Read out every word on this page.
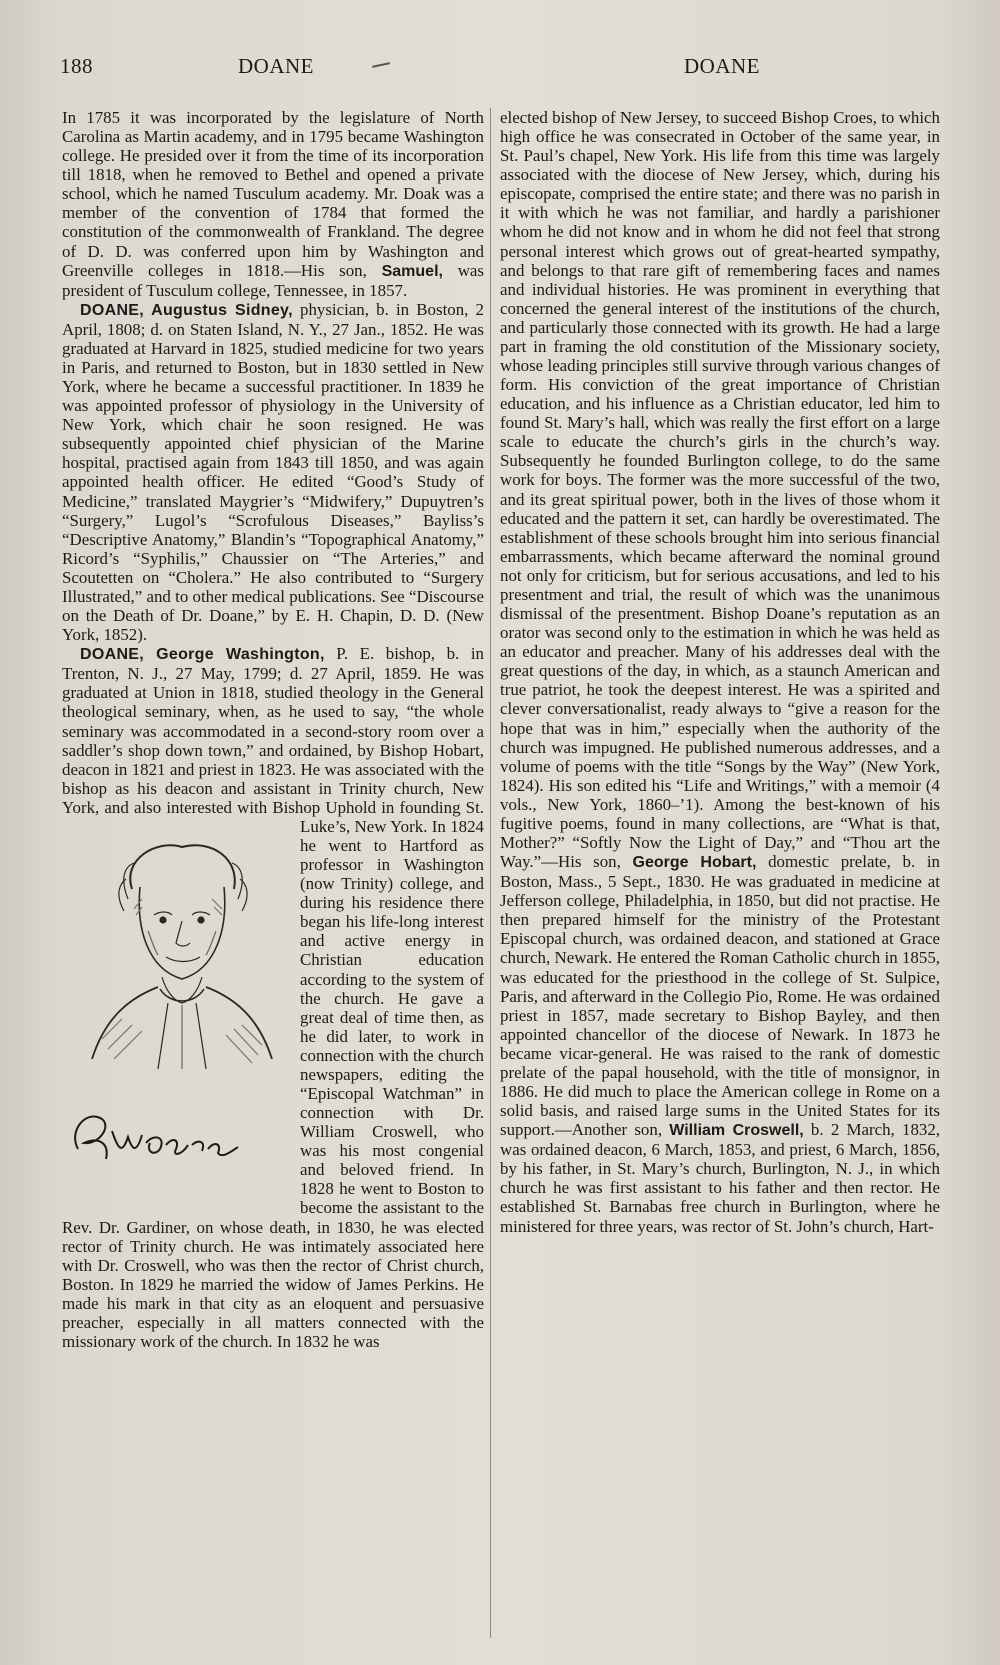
188	DOANE	DOANE

In 1785 it was incorporated by the legislature of North Carolina as Martin academy, and in 1795 became Washington college. He presided over it from the time of its incorporation till 1818, when he removed to Bethel and opened a private school, which he named Tusculum academy. Mr. Doak was a member of the convention of 1784 that formed the constitution of the commonwealth of Frankland. The degree of D. D. was conferred upon him by Washington and Greenville colleges in 1818.—His son, Samuel, was president of Tusculum college, Tennessee, in 1857.

DOANE, Augustus Sidney, physician, b. in Boston, 2 April, 1808; d. on Staten Island, N. Y., 27 Jan., 1852. He was graduated at Harvard in 1825, studied medicine for two years in Paris, and returned to Boston, but in 1830 settled in New York, where he became a successful practitioner. In 1839 he was appointed professor of physiology in the University of New York, which chair he soon resigned. He was subsequently appointed chief physician of the Marine hospital, practised again from 1843 till 1850, and was again appointed health officer. He edited “Good’s Study of Medicine,” translated Maygrier’s “Midwifery,” Dupuytren’s “Surgery,” Lugol’s “Scrofulous Diseases,” Bayliss’s “Descriptive Anatomy,” Blandin’s “Topographical Anatomy,” Ricord’s “Syphilis,” Chaussier on “The Arteries,” and Scoutetten on “Cholera.” He also contributed to “Surgery Illustrated,” and to other medical publications. See “Discourse on the Death of Dr. Doane,” by E. H. Chapin, D. D. (New York, 1852).

DOANE, George Washington, P. E. bishop, b. in Trenton, N. J., 27 May, 1799; d. 27 April, 1859. He was graduated at Union in 1818, studied theology in the General theological seminary, when, as he used to say, “the whole seminary was accommodated in a second-story room over a saddler’s shop down town,” and ordained, by Bishop Hobart, deacon in 1821 and priest in 1823. He was associated with the bishop as his deacon and assistant in Trinity church, New York, and also interested with Bishop Uphold in founding St. Luke’s,
New York. In 1824 he went to Hartford as professor in Washington (now Trinity) college, and during his residence there began his life-long interest and active energy in Christian education according to the system of the church. He gave a great deal of time then, as he did later, to work in connection with the church newspapers, editing the “Episcopal Watchman” in connection with Dr. William Croswell, who was his most congenial and beloved friend. In 1828 he went to Boston to become the assistant to the Rev. Dr. Gardiner, on whose death, in 1830, he was elected rector of Trinity church. He was intimately associated here with Dr. Croswell, who was then the rector of Christ church, Boston. In 1829 he married the widow of James Perkins. He made his mark in that city as an eloquent and persuasive preacher, especially in all matters connected with the missionary work of the church. In 1832 he was

elected bishop of New Jersey, to succeed Bishop Croes, to which high office he was consecrated in October of the same year, in St. Paul’s chapel, New York. His life from this time was largely associated with the diocese of New Jersey, which, during his episcopate, comprised the entire state; and there was no parish in it with which he was not familiar, and hardly a parishioner whom he did not know and in whom he did not feel that strong personal interest which grows out of great-hearted sympathy, and belongs to that rare gift of remembering faces and names and individual histories. He was prominent in everything that concerned the general interest of the institutions of the church, and particularly those connected with its growth. He had a large part in framing the old constitution of the Missionary society, whose leading principles still survive through various changes of form. His conviction of the great importance of Christian education, and his influence as a Christian educator, led him to found St. Mary’s hall, which was really the first effort on a large scale to educate the church’s girls in the church’s way. Subsequently he founded Burlington college, to do the same work for boys. The former was the more successful of the two, and its great spiritual power, both in the lives of those whom it educated and the pattern it set, can hardly be overestimated. The establishment of these schools brought him into serious financial embarrassments, which became afterward the nominal ground not only for criticism, but for serious accusations, and led to his presentment and trial, the result of which was the unanimous dismissal of the presentment. Bishop Doane’s reputation as an orator was second only to the estimation in which he was held as an educator and preacher. Many of his addresses deal with the great questions of the day, in which, as a staunch American and true patriot, he took the deepest interest. He was a spirited and clever conversationalist, ready always to “give a reason for the hope that was in him,” especially when the authority of the church was impugned. He published numerous addresses, and a volume of poems with the title “Songs by the Way” (New York, 1824). His son edited his “Life and Writings,” with a memoir (4 vols., New York, 1860–’1). Among the best-known of his fugitive poems, found in many collections, are “What is that, Mother?” “Softly Now the Light of Day,” and “Thou art the Way.”—His son, George Hobart, domestic prelate, b. in Boston, Mass., 5 Sept., 1830. He was graduated in medicine at Jefferson college, Philadelphia, in 1850, but did not practise. He then prepared himself for the ministry of the Protestant Episcopal church, was ordained deacon, and stationed at Grace church, Newark. He entered the Roman Catholic church in 1855, was educated for the priesthood in the college of St. Sulpice, Paris, and afterward in the Collegio Pio, Rome. He was ordained priest in 1857, made secretary to Bishop Bayley, and then appointed chancellor of the diocese of Newark. In 1873 he became vicar-general. He was raised to the rank of domestic prelate of the papal household, with the title of monsignor, in 1886. He did much to place the American college in Rome on a solid basis, and raised large sums in the United States for its support.—Another son, William Croswell, b. 2 March, 1832, was ordained deacon, 6 March, 1853, and priest, 6 March, 1856, by his father, in St. Mary’s church, Burlington, N. J., in which church he was first assistant to his father and then rector. He established St. Barnabas free church in Burlington, where he ministered for three years, was rector of St. John’s church, Hart-
